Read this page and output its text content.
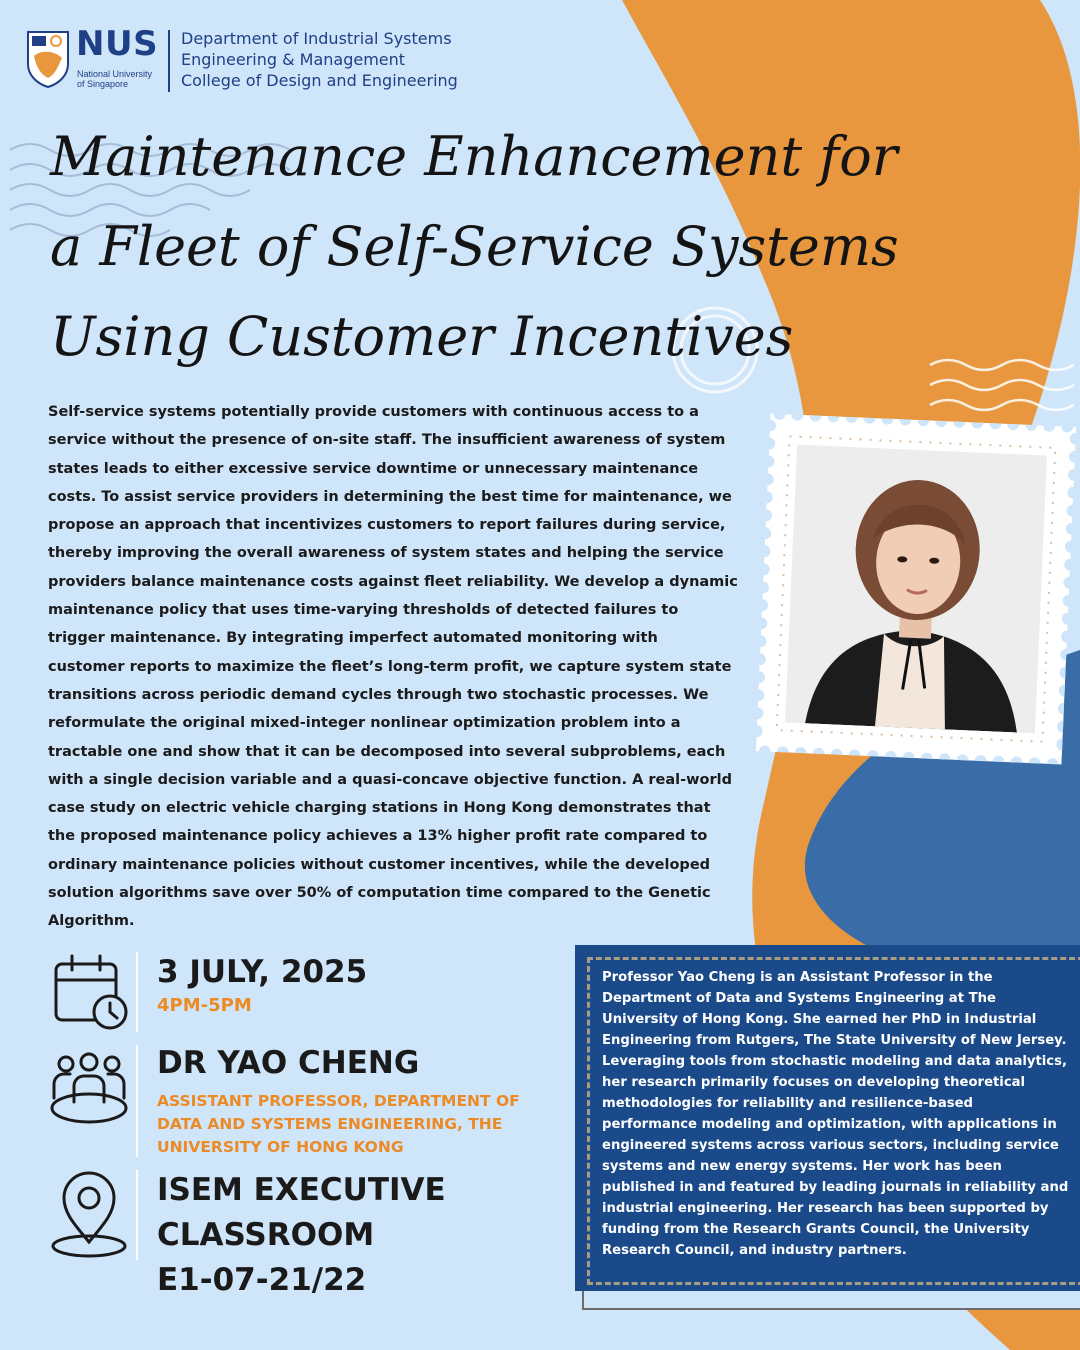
NUS
National University
of Singapore
Department of Industrial Systems
Engineering & Management
College of Design and Engineering
Maintenance Enhancement for
a Fleet of Self-Service Systems
Using Customer Incentives
Self-service systems potentially provide customers with continuous access to a service without the presence of on-site staff. The insufficient awareness of system states leads to either excessive service downtime or unnecessary maintenance costs. To assist service providers in determining the best time for maintenance, we propose an approach that incentivizes customers to report failures during service, thereby improving the overall awareness of system states and helping the service providers balance maintenance costs against fleet reliability. We develop a dynamic maintenance policy that uses time-varying thresholds of detected failures to trigger maintenance. By integrating imperfect automated monitoring with customer reports to maximize the fleet’s long-term profit, we capture system state transitions across periodic demand cycles through two stochastic processes. We reformulate the original mixed-integer nonlinear optimization problem into a tractable one and show that it can be decomposed into several subproblems, each with a single decision variable and a quasi-concave objective function. A real-world case study on electric vehicle charging stations in Hong Kong demonstrates that the proposed maintenance policy achieves a 13% higher profit rate compared to ordinary maintenance policies without customer incentives, while the developed solution algorithms save over 50% of computation time compared to the Genetic Algorithm.
3 JULY, 2025
4PM-5PM
DR YAO CHENG
ASSISTANT PROFESSOR, DEPARTMENT OF DATA AND SYSTEMS ENGINEERING, THE UNIVERSITY OF HONG KONG
ISEM EXECUTIVE
CLASSROOM
E1-07-21/22
Professor Yao Cheng is an Assistant Professor in the Department of Data and Systems Engineering at The University of Hong Kong. She earned her PhD in Industrial Engineering from Rutgers, The State University of New Jersey. Leveraging tools from stochastic modeling and data analytics, her research primarily focuses on developing theoretical methodologies for reliability and resilience-based performance modeling and optimization, with applications in engineered systems across various sectors, including service systems and new energy systems. Her work has been published in and featured by leading journals in reliability and industrial engineering. Her research has been supported by funding from the Research Grants Council, the University Research Council, and industry partners.
